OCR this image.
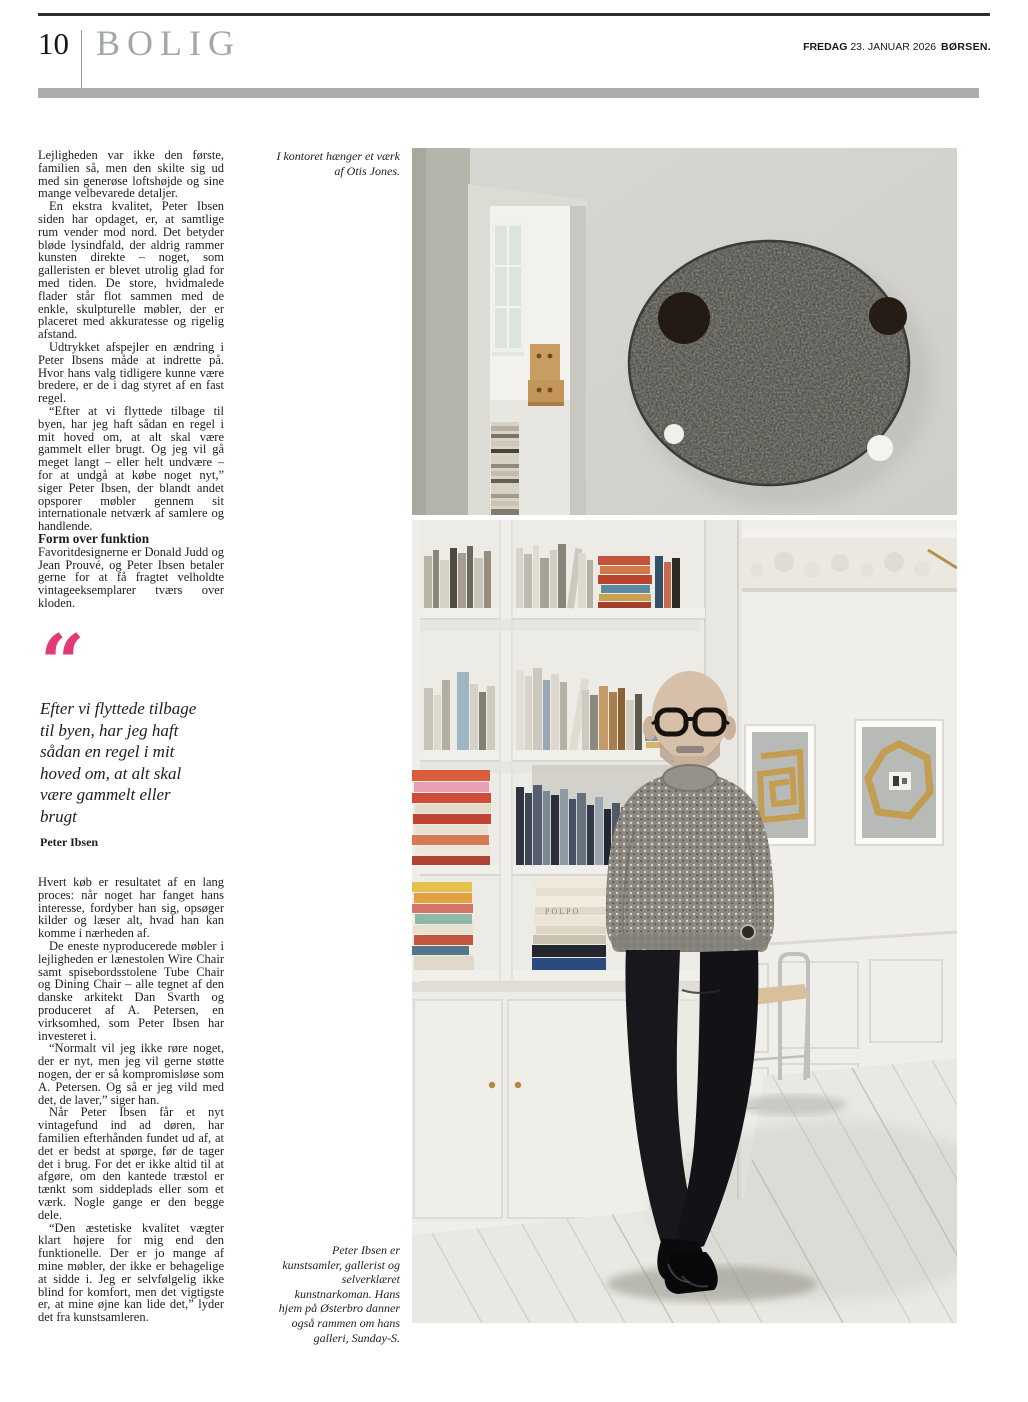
10 BOLIG	FREDAG 23. JANUAR 2026 BØRSEN.

Lejligheden var ikke den første, familien så, men den skilte sig ud med sin generøse loftshøjde og sine mange velbevarede detaljer.

En ekstra kvalitet, Peter Ibsen siden har opdaget, er, at samtlige rum vender mod nord. Det betyder bløde lysindfald, der aldrig rammer kunsten direkte – noget, som galleristen er blevet utrolig glad for med tiden. De store, hvidmalede flader står flot sammen med de enkle, skulpturelle møbler, der er placeret med akkuratesse og rigelig afstand.

Udtrykket afspejler en ændring i Peter Ibsens måde at indrette på. Hvor hans valg tidligere kunne være bredere, er de i dag styret af en fast regel.

“Efter at vi flyttede tilbage til byen, har jeg haft sådan en regel i mit hoved om, at alt skal være gammelt eller brugt. Og jeg vil gå meget langt – eller helt undvære – for at undgå at købe noget nyt,” siger Peter Ibsen, der blandt andet opsporer møbler gennem sit internationale netværk af samlere og handlende.

Form over funktion

Favoritdesignerne er Donald Judd og Jean Prouvé, og Peter Ibsen betaler gerne for at få fragtet velholdte vintageeksemplarer tværs over kloden.

“
Efter vi flyttede tilbage til byen, har jeg haft sådan en regel i mit hoved om, at alt skal være gammelt eller brugt
Peter Ibsen

Hvert køb er resultatet af en lang proces: når noget har fanget hans interesse, fordyber han sig, opsøger kilder og læser alt, hvad han kan komme i nærheden af.

De eneste nyproducerede møbler i lejligheden er lænestolen Wire Chair samt spisebordsstolene Tube Chair og Dining Chair – alle tegnet af den danske arkitekt Dan Svarth og produceret af A. Petersen, en virksomhed, som Peter Ibsen har investeret i.

“Normalt vil jeg ikke røre noget, der er nyt, men jeg vil gerne støtte nogen, der er så kompromisløse som A. Petersen. Og så er jeg vild med det, de laver,” siger han.

Når Peter Ibsen får et nyt vintagefund ind ad døren, har familien efterhånden fundet ud af, at det er bedst at spørge, før de tager det i brug. For det er ikke altid til at afgøre, om den kantede træstol er tænkt som siddeplads eller som et værk. Nogle gange er den begge dele.

“Den æstetiske kvalitet vægter klart højere for mig end den funktionelle. Der er jo mange af mine møbler, der ikke er behagelige at sidde i. Jeg er selvfølgelig ikke blind for komfort, men det vigtigste er, at mine øjne kan lide det,” lyder det fra kunstsamleren.

I kontoret hænger et værk af Otis Jones.
Peter Ibsen er kunstsamler, gallerist og selverklæret kunstnarkoman. Hans hjem på Østerbro danner også rammen om hans galleri, Sunday-S.
POLPO
